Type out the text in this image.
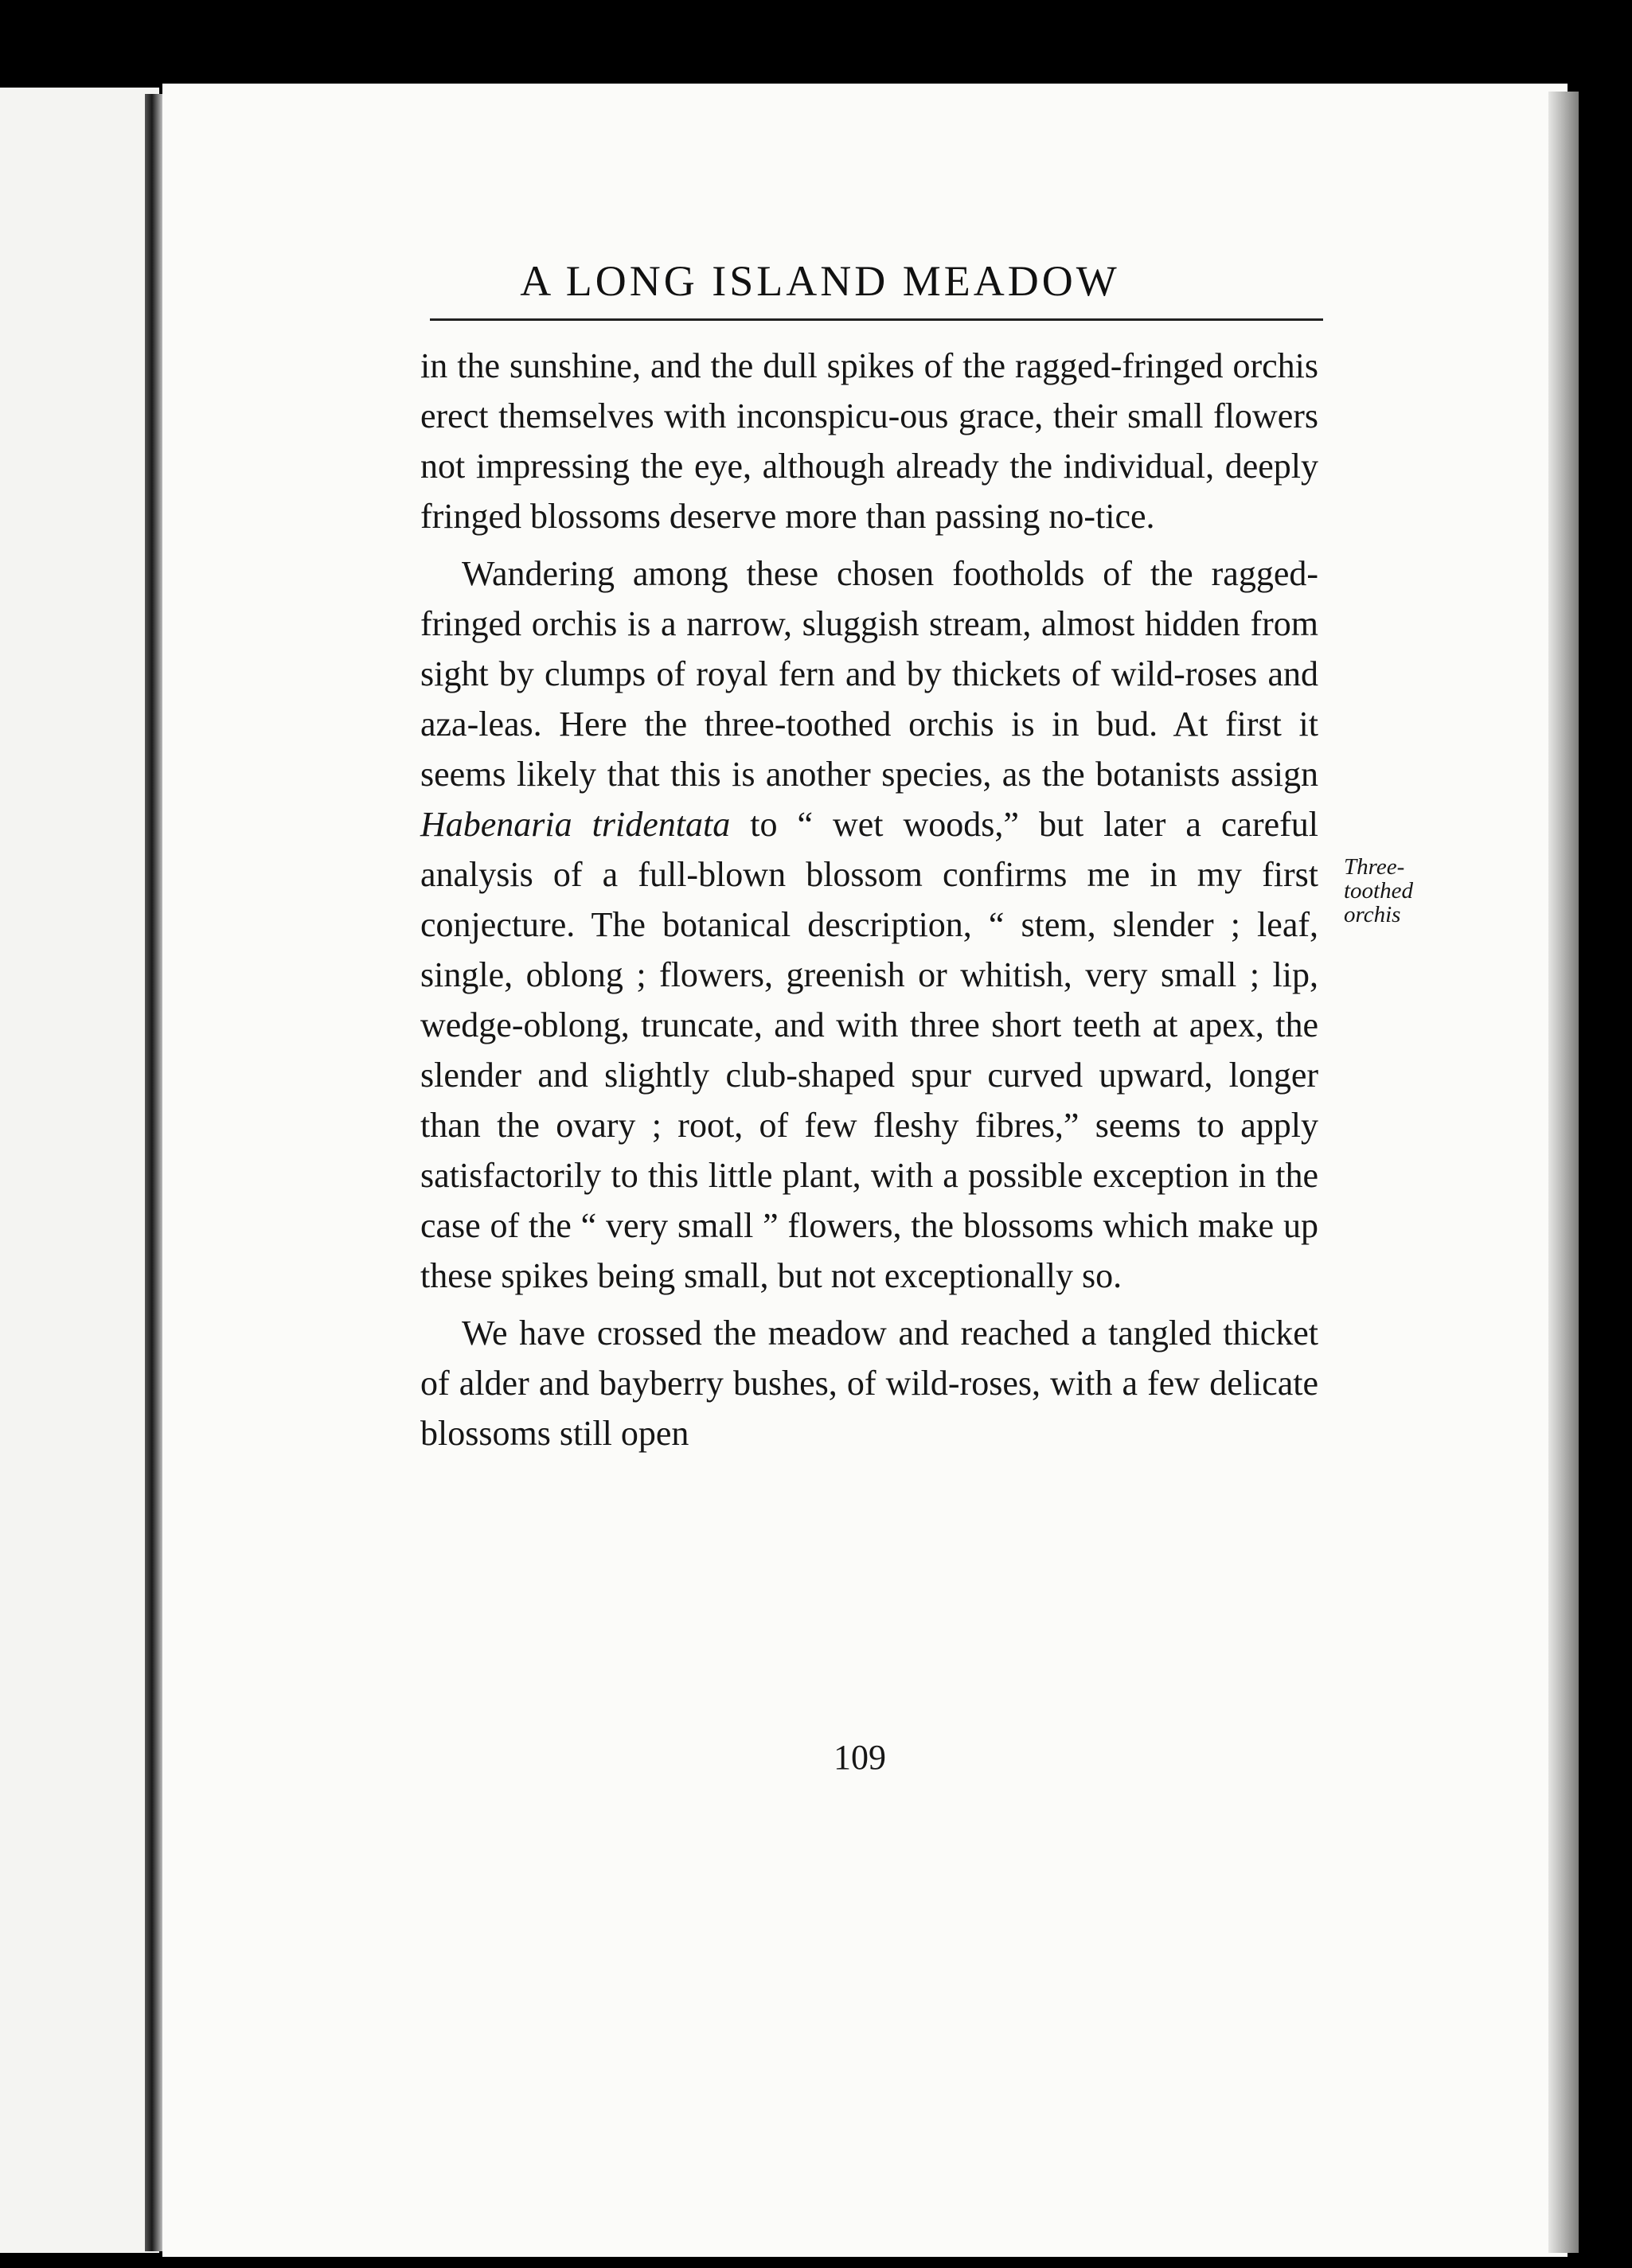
A LONG ISLAND MEADOW

in the sunshine, and the dull spikes of the ragged-fringed orchis erect themselves with inconspicu-ous grace, their small flowers not impressing the eye, although already the individual, deeply fringed blossoms deserve more than passing no-tice.

Wandering among these chosen footholds of the ragged-fringed orchis is a narrow, sluggish stream, almost hidden from sight by clumps of royal fern and by thickets of wild-roses and aza-leas. Here the three-toothed orchis is in bud. At first it seems likely that this is another species, as the botanists assign Habenaria tridentata to “ wet woods,” but later a careful analysis of a full-blown blossom confirms me in my first conjecture. The botanical description, “ stem, slender ; leaf, single, oblong ; flowers, greenish or whitish, very small ; lip, wedge-oblong, truncate, and with three short teeth at apex, the slender and slightly club-shaped spur curved upward, longer than the ovary ; root, of few fleshy fibres,” seems to apply satisfactorily to this little plant, with a possible exception in the case of the “ very small ” flowers, the blossoms which make up these spikes being small, but not exceptionally so.

We have crossed the meadow and reached a tangled thicket of alder and bayberry bushes, of wild-roses, with a few delicate blossoms still open

Three-
toothed
orchis
109
